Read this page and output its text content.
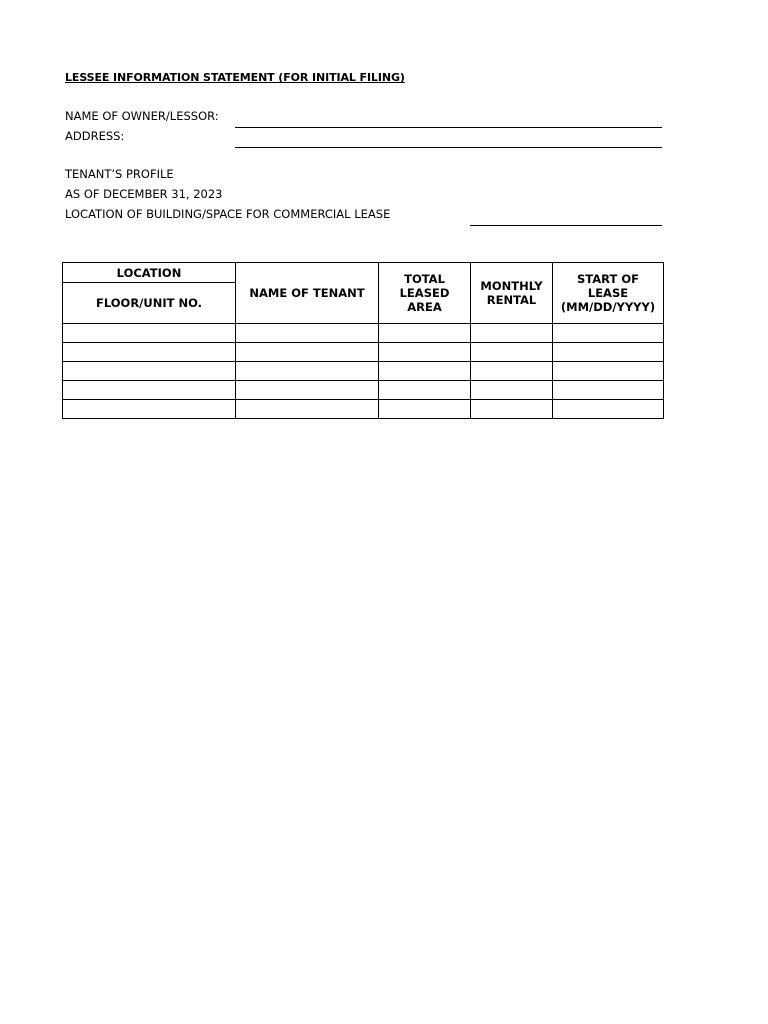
LESSEE INFORMATION STATEMENT (FOR INITIAL FILING)
NAME OF OWNER/LESSOR:
ADDRESS:
TENANT’S PROFILE
AS OF DECEMBER 31, 2023
LOCATION OF BUILDING/SPACE FOR COMMERCIAL LEASE
LOCATION	NAME OF TENANT	TOTAL LEASED AREA	MONTHLY RENTAL	START OF LEASE (MM/DD/YYYY)
FLOOR/UNIT NO.				
